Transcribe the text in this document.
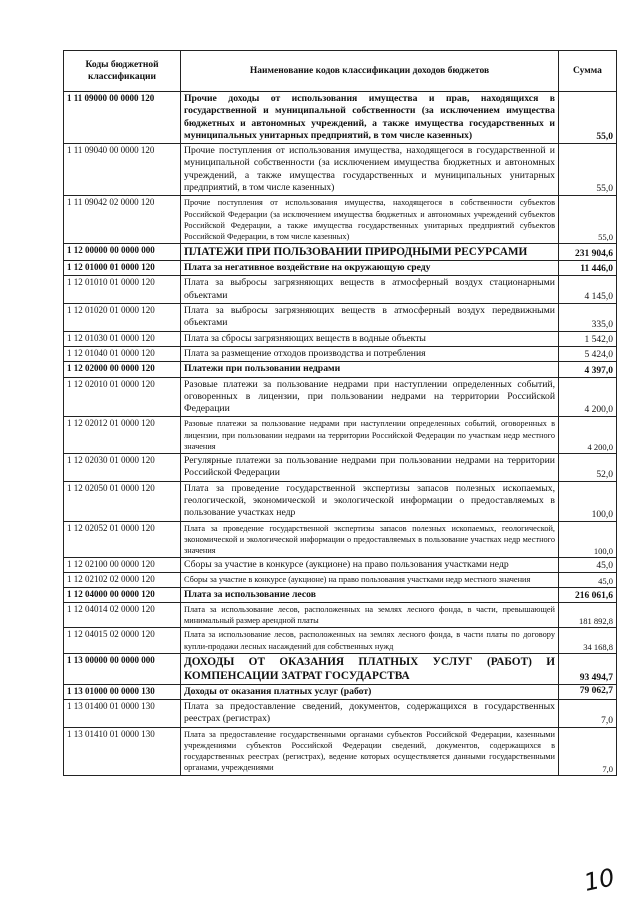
Коды бюджетной классификации	Наименование кодов классификации доходов бюджетов	Сумма
1 11 09000 00 0000 120	Прочие доходы от использования имущества и прав, находящихся в государственной и муниципальной собственности (за исключением имущества бюджетных и автономных учреждений, а также имущества государственных и муниципальных унитарных предприятий, в том числе казенных)	55,0
1 11 09040 00 0000 120	Прочие поступления от использования имущества, находящегося в государственной и муниципальной собственности (за исключением имущества бюджетных и автономных учреждений, а также имущества государственных и муниципальных унитарных предприятий, в том числе казенных)	55,0
1 11 09042 02 0000 120	Прочие поступления от использования имущества, находящегося в собственности субъектов Российской Федерации (за исключением имущества бюджетных и автономных учреждений субъектов Российской Федерации, а также имущества государственных унитарных предприятий субъектов Российской Федерации, в том числе казенных)	55,0
1 12 00000 00 0000 000	ПЛАТЕЖИ ПРИ ПОЛЬЗОВАНИИ ПРИРОДНЫМИ РЕСУРСАМИ	231 904,6
1 12 01000 01 0000 120	Плата за негативное воздействие на окружающую среду	11 446,0
1 12 01010 01 0000 120	Плата за выбросы загрязняющих веществ в атмосферный воздух стационарными объектами	4 145,0
1 12 01020 01 0000 120	Плата за выбросы загрязняющих веществ в атмосферный воздух передвижными объектами	335,0
1 12 01030 01 0000 120	Плата за сбросы загрязняющих веществ в водные объекты	1 542,0
1 12 01040 01 0000 120	Плата за размещение отходов производства и потребления	5 424,0
1 12 02000 00 0000 120	Платежи при пользовании недрами	4 397,0
1 12 02010 01 0000 120	Разовые платежи за пользование недрами при наступлении определенных событий, оговоренных в лицензии, при пользовании недрами на территории Российской Федерации	4 200,0
1 12 02012 01 0000 120	Разовые платежи за пользование недрами при наступлении определенных событий, оговоренных в лицензии, при пользовании недрами на территории Российской Федерации по участкам недр местного значения	4 200,0
1 12 02030 01 0000 120	Регулярные платежи за пользование недрами при пользовании недрами на территории Российской Федерации	52,0
1 12 02050 01 0000 120	Плата за проведение государственной экспертизы запасов полезных ископаемых, геологической, экономической и экологической информации о предоставляемых в пользование участках недр	100,0
1 12 02052 01 0000 120	Плата за проведение государственной экспертизы запасов полезных ископаемых, геологической, экономической и экологической информации о предоставляемых в пользование участках недр местного значения	100,0
1 12 02100 00 0000 120	Сборы за участие в конкурсе (аукционе) на право пользования участками недр	45,0
1 12 02102 02 0000 120	Сборы за участие в конкурсе (аукционе) на право пользования участками недр местного значения	45,0
1 12 04000 00 0000 120	Плата за использование лесов	216 061,6
1 12 04014 02 0000 120	Плата за использование лесов, расположенных на землях лесного фонда, в части, превышающей минимальный размер арендной платы	181 892,8
1 12 04015 02 0000 120	Плата за использование лесов, расположенных на землях лесного фонда, в части платы по договору купли-продажи лесных насаждений для собственных нужд	34 168,8
1 13 00000 00 0000 000	ДОХОДЫ ОТ ОКАЗАНИЯ ПЛАТНЫХ УСЛУГ (РАБОТ) И КОМПЕНСАЦИИ ЗАТРАТ ГОСУДАРСТВА	93 494,7
1 13 01000 00 0000 130	Доходы от оказания платных услуг (работ)	79 062,7
1 13 01400 01 0000 130	Плата за предоставление сведений, документов, содержащихся в государственных реестрах (регистрах)	7,0
1 13 01410 01 0000 130	Плата за предоставление государственными органами субъектов Российской Федерации, казенными учреждениями субъектов Российской Федерации сведений, документов, содержащихся в государственных реестрах (регистрах), ведение которых осуществляется данными государственными органами, учреждениями	7,0
10
